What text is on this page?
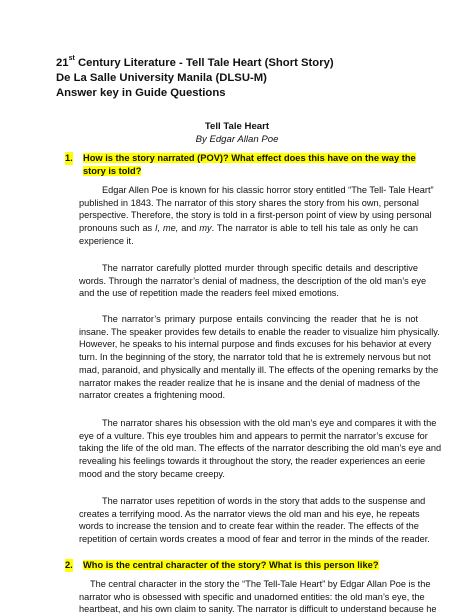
21st Century Literature - Tell Tale Heart (Short Story)
De La Salle University Manila (DLSU-M)
Answer key in Guide Questions
Tell Tale Heart
By Edgar Allan Poe
1. How is the story narrated (POV)? What effect does this have on the way the
story is told?
Edgar Allen Poe is known for his classic horror story entitled “The Tell- Tale Heart”
published in 1843. The narrator of this story shares the story from his own, personal
perspective. Therefore, the story is told in a first-person point of view by using personal
pronouns such as I, me, and my. The narrator is able to tell his tale as only he can
experience it.
The narrator carefully plotted murder through specific details and descriptive
words. Through the narrator’s denial of madness, the description of the old man’s eye
and the use of repetition made the readers feel mixed emotions.
The narrator’s primary purpose entails convincing the reader that he is not
insane. The speaker provides few details to enable the reader to visualize him physically.
However, he speaks to his internal purpose and finds excuses for his behavior at every
turn. In the beginning of the story, the narrator told that he is extremely nervous but not
mad, paranoid, and physically and mentally ill. The effects of the opening remarks by the
narrator makes the reader realize that he is insane and the denial of madness of the
narrator creates a frightening mood.
The narrator shares his obsession with the old man’s eye and compares it with the
eye of a vulture. This eye troubles him and appears to permit the narrator’s excuse for
taking the life of the old man. The effects of the narrator describing the old man’s eye and
revealing his feelings towards it throughout the story, the reader experiences an eerie
mood and the story became creepy.
The narrator uses repetition of words in the story that adds to the suspense and
creates a terrifying mood. As the narrator views the old man and his eye, he repeats
words to increase the tension and to create fear within the reader. The effects of the
repetition of certain words creates a mood of fear and terror in the minds of the reader.
2. Who is the central character of the story? What is this person like?
The central character in the story the “The Tell-Tale Heart” by Edgar Allan Poe is the
narrator who is obsessed with specific and unadorned entities: the old man’s eye, the
heartbeat, and his own claim to sanity. The narrator is difficult to understand because he
